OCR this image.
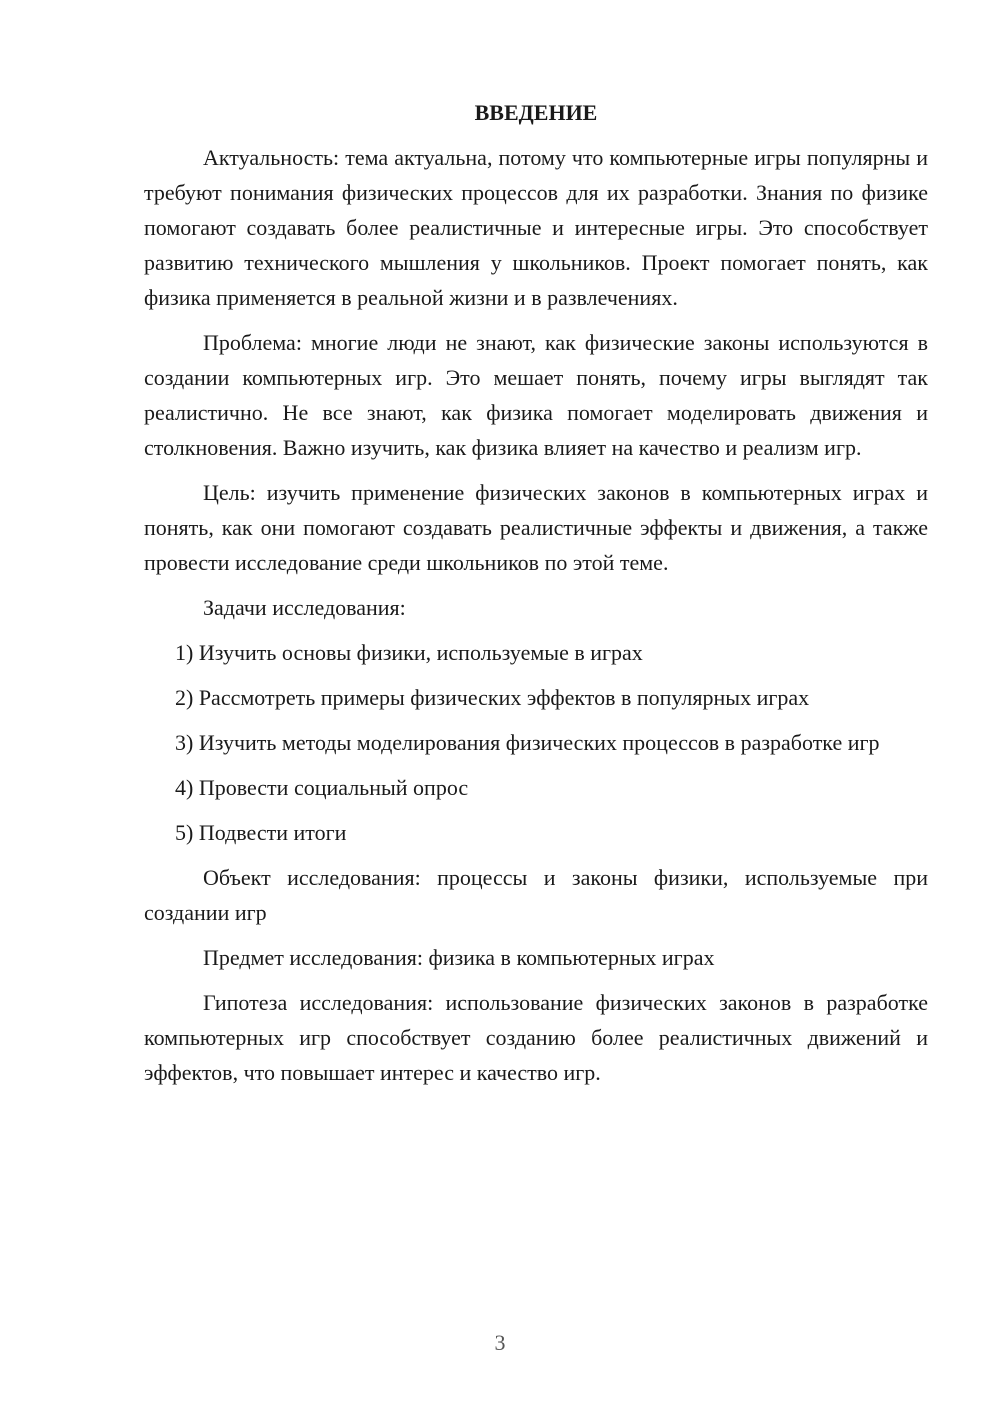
ВВЕДЕНИЕ

Актуальность: тема актуальна, потому что компьютерные игры популярны и требуют понимания физических процессов для их разработки. Знания по физике помогают создавать более реалистичные и интересные игры. Это способствует развитию технического мышления у школьников. Проект помогает понять, как физика применяется в реальной жизни и в развлечениях.

Проблема: многие люди не знают, как физические законы используются в создании компьютерных игр. Это мешает понять, почему игры выглядят так реалистично. Не все знают, как физика помогает моделировать движения и столкновения. Важно изучить, как физика влияет на качество и реализм игр.

Цель: изучить применение физических законов в компьютерных играх и понять, как они помогают создавать реалистичные эффекты и движения, а также провести исследование среди школьников по этой теме.

Задачи исследования:

1) Изучить основы физики, используемые в играх

2) Рассмотреть примеры физических эффектов в популярных играх

3) Изучить методы моделирования физических процессов в разработке игр

4) Провести социальный опрос

5) Подвести итоги

Объект исследования: процессы и законы физики, используемые при создании игр

Предмет исследования: физика в компьютерных играх

Гипотеза исследования: использование физических законов в разработке компьютерных игр способствует созданию более реалистичных движений и эффектов, что повышает интерес и качество игр.

3
